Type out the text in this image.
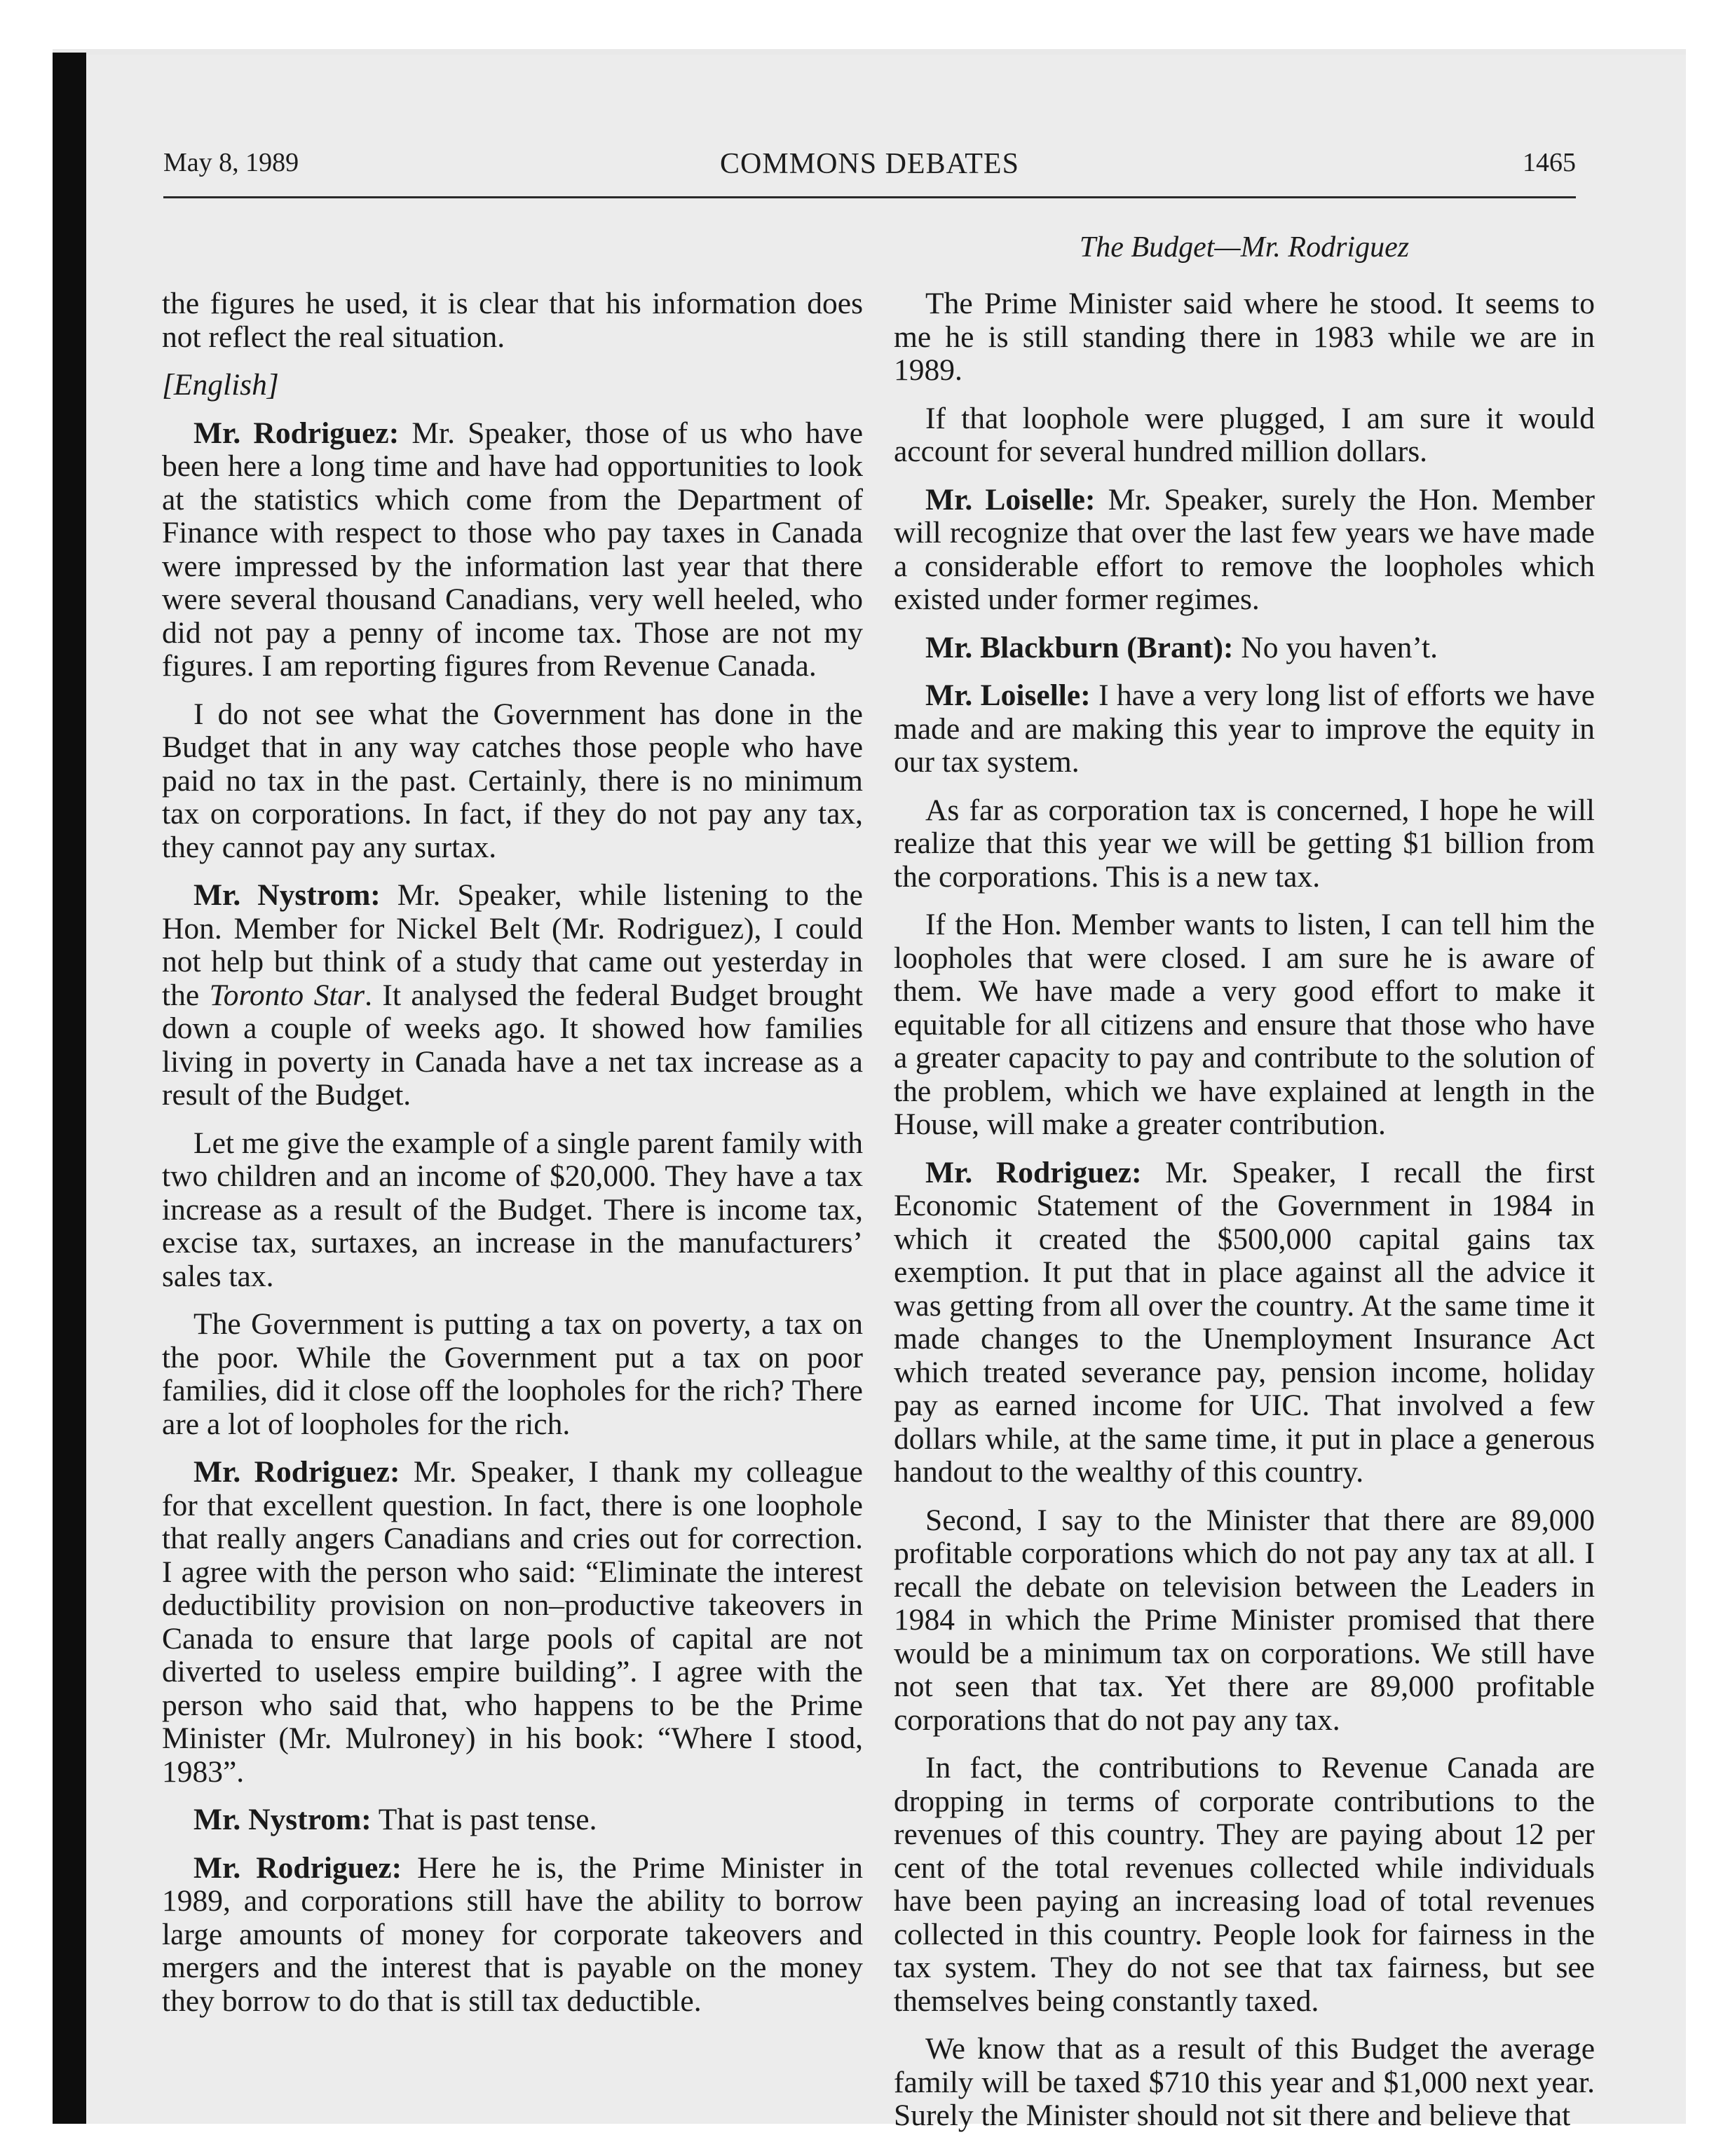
May 8, 1989	COMMONS DEBATES	1465

the figures he used, it is clear that his information does not reflect the real situation.

[English]

Mr. Rodriguez: Mr. Speaker, those of us who have been here a long time and have had opportunities to look at the statistics which come from the Department of Finance with respect to those who pay taxes in Canada were impressed by the information last year that there were several thousand Canadians, very well heeled, who did not pay a penny of income tax. Those are not my figures. I am reporting figures from Revenue Canada.

I do not see what the Government has done in the Budget that in any way catches those people who have paid no tax in the past. Certainly, there is no minimum tax on corporations. In fact, if they do not pay any tax, they cannot pay any surtax.

Mr. Nystrom: Mr. Speaker, while listening to the Hon. Member for Nickel Belt (Mr. Rodriguez), I could not help but think of a study that came out yesterday in the Toronto Star. It analysed the federal Budget brought down a couple of weeks ago. It showed how families living in poverty in Canada have a net tax increase as a result of the Budget.

Let me give the example of a single parent family with two children and an income of $20,000. They have a tax increase as a result of the Budget. There is income tax, excise tax, surtaxes, an increase in the manufacturers’ sales tax.

The Government is putting a tax on poverty, a tax on the poor. While the Government put a tax on poor families, did it close off the loopholes for the rich? There are a lot of loopholes for the rich.

Mr. Rodriguez: Mr. Speaker, I thank my colleague for that excellent question. In fact, there is one loophole that really angers Canadians and cries out for correction. I agree with the person who said: “Eliminate the interest deductibility provision on non–productive takeovers in Canada to ensure that large pools of capital are not diverted to useless empire building”. I agree with the person who said that, who happens to be the Prime Minister (Mr. Mulroney) in his book: “Where I stood, 1983”.

Mr. Nystrom: That is past tense.

Mr. Rodriguez: Here he is, the Prime Minister in 1989, and corporations still have the ability to borrow large amounts of money for corporate takeovers and mergers and the interest that is payable on the money they borrow to do that is still tax deductible.

The Budget—Mr. Rodriguez

The Prime Minister said where he stood. It seems to me he is still standing there in 1983 while we are in 1989.

If that loophole were plugged, I am sure it would account for several hundred million dollars.

Mr. Loiselle: Mr. Speaker, surely the Hon. Member will recognize that over the last few years we have made a considerable effort to remove the loopholes which existed under former regimes.

Mr. Blackburn (Brant): No you haven’t.

Mr. Loiselle: I have a very long list of efforts we have made and are making this year to improve the equity in our tax system.

As far as corporation tax is concerned, I hope he will realize that this year we will be getting $1 billion from the corporations. This is a new tax.

If the Hon. Member wants to listen, I can tell him the loopholes that were closed. I am sure he is aware of them. We have made a very good effort to make it equitable for all citizens and ensure that those who have a greater capacity to pay and contribute to the solution of the problem, which we have explained at length in the House, will make a greater contribution.

Mr. Rodriguez: Mr. Speaker, I recall the first Economic Statement of the Government in 1984 in which it created the $500,000 capital gains tax exemption. It put that in place against all the advice it was getting from all over the country. At the same time it made changes to the Unemployment Insurance Act which treated severance pay, pension income, holiday pay as earned income for UIC. That involved a few dollars while, at the same time, it put in place a generous handout to the wealthy of this country.

Second, I say to the Minister that there are 89,000 profitable corporations which do not pay any tax at all. I recall the debate on television between the Leaders in 1984 in which the Prime Minister promised that there would be a minimum tax on corporations. We still have not seen that tax. Yet there are 89,000 profitable corporations that do not pay any tax.

In fact, the contributions to Revenue Canada are dropping in terms of corporate contributions to the revenues of this country. They are paying about 12 per cent of the total revenues collected while individuals have been paying an increasing load of total revenues collected in this country. People look for fairness in the tax system. They do not see that tax fairness, but see themselves being constantly taxed.

We know that as a result of this Budget the average family will be taxed $710 this year and $1,000 next year. Surely the Minister should not sit there and believe that
